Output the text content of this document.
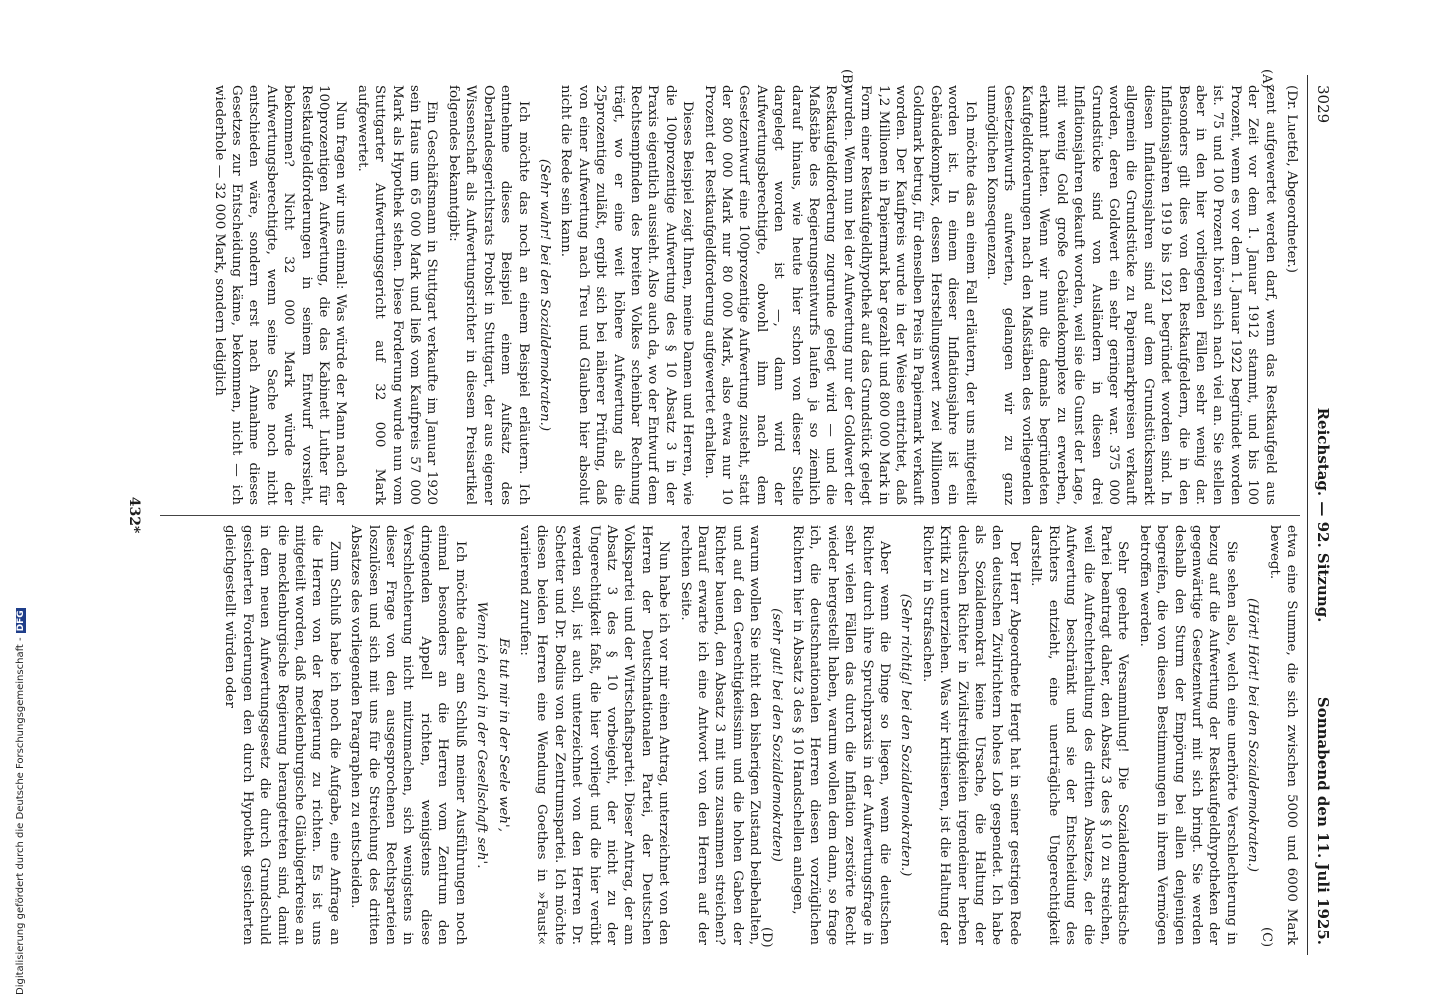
Digitalisierung gefördert durch die Deutsche Forschungsgemeinschaft -DFG
3029
Reichstag. — 92. Sitzung.
Sonnabend den 11. Juli 1925.
(A)
(B)
(C)
(D)

(Dr. Luetfel, Abgeordneter.)

zent aufgewertet werden darf, wenn das Restkaufgeld aus der Zeit vor dem 1. Januar 1912 stammt, und bis 100 Prozent, wenn es vor dem 1. Januar 1922 begründet worden ist. 75 und 100 Prozent hören sich nach viel an. Sie stellen aber in den hier vorliegenden Fällen sehr wenig dar. Besonders gilt dies von den Restkaufgeldern, die in den Inflationsjahren 1919 bis 1921 begründet worden sind. In diesen Inflationsjahren sind auf dem Grundstücksmarkt allgemein die Grundstücke zu Papiermarkpreisen verkauft worden, deren Goldwert ein sehr geringer war. 375 000 Grundstücke sind von Ausländern in diesen drei Inflationsjahren gekauft worden, weil sie die Gunst der Lage, mit wenig Gold große Gebäudekomplexe zu erwerben, erkannt hatten. Wenn wir nun die damals begründeten Kaufgeldforderungen nach den Maßstäben des vorliegenden Gesetzentwurfs aufwerten, gelangen wir zu ganz unmöglichen Konsequenzen.

Ich möchte das an einem Fall erläutern, der uns mitgeteilt worden ist. In einem dieser Inflationsjahre ist ein Gebäudekomplex, dessen Herstellungswert zwei Millionen Goldmark betrug, für denselben Preis in Papiermark verkauft worden. Der Kaufpreis wurde in der Weise entrichtet, daß 1,2 Millionen in Papiermark bar gezahlt und 800 000 Mark in Form einer Restkaufgeldhypothek auf das Grundstück gelegt wurden. Wenn nun bei der Aufwertung nur der Goldwert der Restkaufgeldforderung zugrunde gelegt wird — und die Maßstäbe des Regierungsentwurfs laufen ja so ziemlich darauf hinaus, wie heute hier schon von dieser Stelle dargelegt worden ist —, dann wird der Aufwertungsberechtigte, obwohl ihm nach dem Gesetzentwurf eine 100prozentige Aufwertung zusteht, statt der 800 000 Mark nur 80 000 Mark, also etwa nur 10 Prozent der Restkaufgeldforderung aufgewertet erhalten.

Dieses Beispiel zeigt Ihnen, meine Damen und Herren, wie die 100prozentige Aufwertung des § 10 Absatz 3 in der Praxis eigentlich aussieht. Also auch da, wo der Entwurf dem Rechtsempfinden des breiten Volkes scheinbar Rechnung trägt, wo er eine weit höhere Aufwertung als die 25prozentige zuläßt, ergibt sich bei näherer Prüfung, daß von einer Aufwertung nach Treu und Glauben hier absolut nicht die Rede sein kann.

(Sehr wahr! bei den Sozialdemokraten.)

Ich möchte das noch an einem Beispiel erläutern. Ich entnehme dieses Beispiel einem Aufsatz des Oberlandesgerichtsrats Probst in Stuttgart, der aus eigener Wissenschaft als Aufwertungsrichter in diesem Preisartikel folgendes bekanntgibt:

Ein Geschäftsmann in Stuttgart verkaufte im Januar 1920 sein Haus um 65 000 Mark und ließ vom Kaufpreis 57 000 Mark als Hypothek stehen. Diese Forderung wurde nun vom Stuttgarter Aufwertungsgericht auf 32 000 Mark aufgewertet.

Nun fragen wir uns einmal: Was würde der Mann nach der 100prozentigen Aufwertung, die das Kabinett Luther für Restkaufgeldforderungen in seinem Entwurf vorsieht, bekommen? Nicht 32 000 Mark würde der Aufwertungsberechtigte, wenn seine Sache noch nicht entschieden wäre, sondern erst nach Annahme dieses Gesetzes zur Entscheidung käme, bekommen, nicht — ich wiederhole — 32 000 Mark, sondern lediglich

etwa eine Summe, die sich zwischen 5000 und 6000 Mark bewegt.

(Hört! Hört! bei den Sozialdemokraten.)

Sie sehen also, welch eine unerhörte Verschlechterung in bezug auf die Aufwertung der Restkaufgeldhypotheken der gegenwärtige Gesetzentwurf mit sich bringt. Sie werden deshalb den Sturm der Empörung bei allen denjenigen begreifen, die von diesen Bestimmungen in ihrem Vermögen betroffen werden.

Sehr geehrte Versammlung! Die Sozialdemokratische Partei beantragt daher, den Absatz 3 des § 10 zu streichen, weil die Aufrechterhaltung des dritten Absatzes, der die Aufwertung beschränkt und sie der Entscheidung des Richters entzieht, eine unerträgliche Ungerechtigkeit darstellt.

Der Herr Abgeordnete Hergt hat in seiner gestrigen Rede den deutschen Zivilrichtern hohes Lob gespendet. Ich habe als Sozialdemokrat keine Ursache, die Haltung der deutschen Richter in Zivilstreitigkeiten irgendeiner herben Kritik zu unterziehen. Was wir kritisieren, ist die Haltung der Richter in Strafsachen.

(Sehr richtig! bei den Sozialdemokraten.)

Aber wenn die Dinge so liegen, wenn die deutschen Richter durch ihre Spruchpraxis in der Aufwertungsfrage in sehr vielen Fällen das durch die Inflation zerstörte Recht wieder hergestellt haben, warum wollen dem dann, so frage ich, die deutschnationalen Herren diesen vorzüglichen Richtern hier in Absatz 3 des § 10 Handschellen anlegen,

(sehr gut! bei den Sozialdemokraten)

warum wollen Sie nicht den bisherigen Zustand beibehalten, und auf den Gerechtigkeitssinn und die hohen Gaben der Richter bauend, den Absatz 3 mit uns zusammen streichen? Darauf erwarte ich eine Antwort von den Herren auf der rechten Seite.

Nun habe ich vor mir einen Antrag, unterzeichnet von den Herren der Deutschnationalen Partei, der Deutschen Volkspartei und der Wirtschaftspartei. Dieser Antrag, der am Absatz 3 des § 10 vorbeigeht, der nicht zu der Ungerechtigkeit faßt, die hier vorliegt und die hier verübt werden soll, ist auch unterzeichnet von den Herren Dr. Schetter und Dr. Bodius von der Zentrumspartei. Ich möchte diesen beiden Herren eine Wendung Goethes in »Faust« variierend zurufen:

Es tut mir in der Seele weh',

Wenn ich euch in der Gesellschaft seh'.

Ich möchte daher am Schluß meiner Ausführungen noch einmal besonders an die Herren vom Zentrum den dringenden Appell richten, wenigstens diese Verschlechterung nicht mitzumachen, sich wenigstens in dieser Frage von den ausgesprochenen Rechtsparteien loszulösen und sich mit uns für die Streichung des dritten Absatzes des vorliegenden Paragraphen zu entscheiden.

Zum Schluß habe ich noch die Aufgabe, eine Anfrage an die Herren von der Regierung zu richten. Es ist uns mitgeteilt worden, daß mecklenburgische Gläubigerkreise an die mecklenburgische Regierung herangetreten sind, damit in dem neuen Aufwertungsgesetz die durch Grundschuld gesicherten Forderungen den durch Hypothek gesicherten gleichgestellt würden oder

432*
